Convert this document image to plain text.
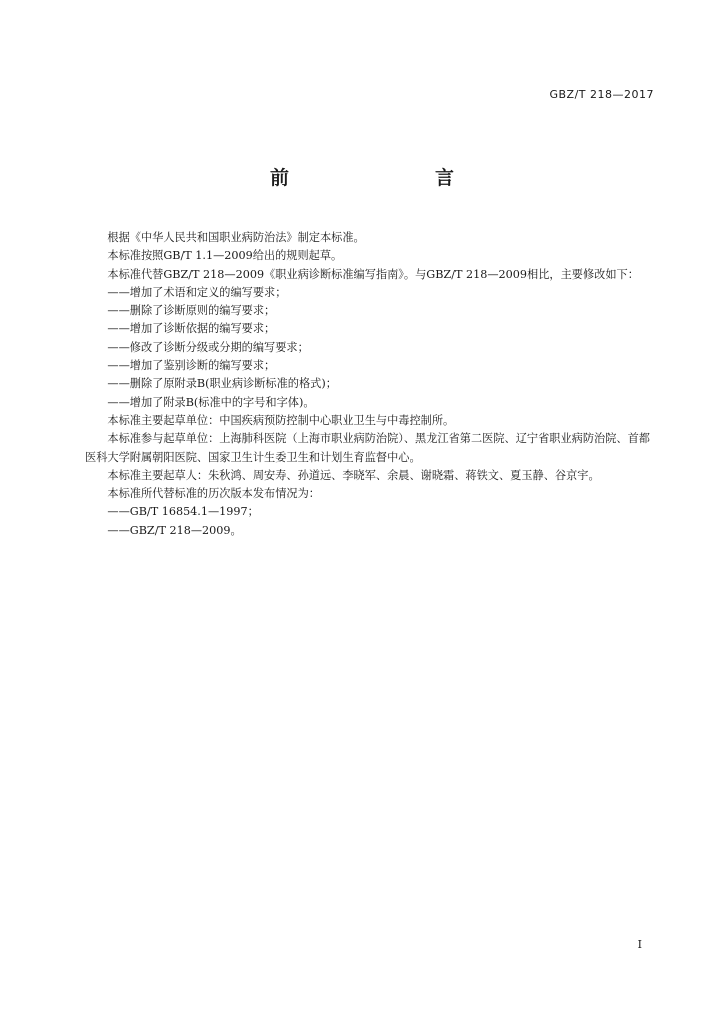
GBZ/T 218—2017
前　　言

根据《中华人民共和国职业病防治法》制定本标准。

本标准按照GB/T 1.1—2009给出的规则起草。

本标准代替GBZ/T 218—2009《职业病诊断标准编写指南》。与GBZ/T 218—2009相比，主要修改如下：

——增加了术语和定义的编写要求；

——删除了诊断原则的编写要求；

——增加了诊断依据的编写要求；

——修改了诊断分级或分期的编写要求；

——增加了鉴别诊断的编写要求；

——删除了原附录B(职业病诊断标准的格式)；

——增加了附录B(标准中的字号和字体)。

本标准主要起草单位：中国疾病预防控制中心职业卫生与中毒控制所。

本标准参与起草单位：上海肺科医院（上海市职业病防治院）、黑龙江省第二医院、辽宁省职业病防治院、首都医科大学附属朝阳医院、国家卫生计生委卫生和计划生育监督中心。

本标准主要起草人：朱秋鸿、周安寿、孙道远、李晓军、余晨、谢晓霜、蒋铁文、夏玉静、谷京宇。

本标准所代替标准的历次版本发布情况为：

——GB/T 16854.1—1997；

——GBZ/T 218—2009。

I
